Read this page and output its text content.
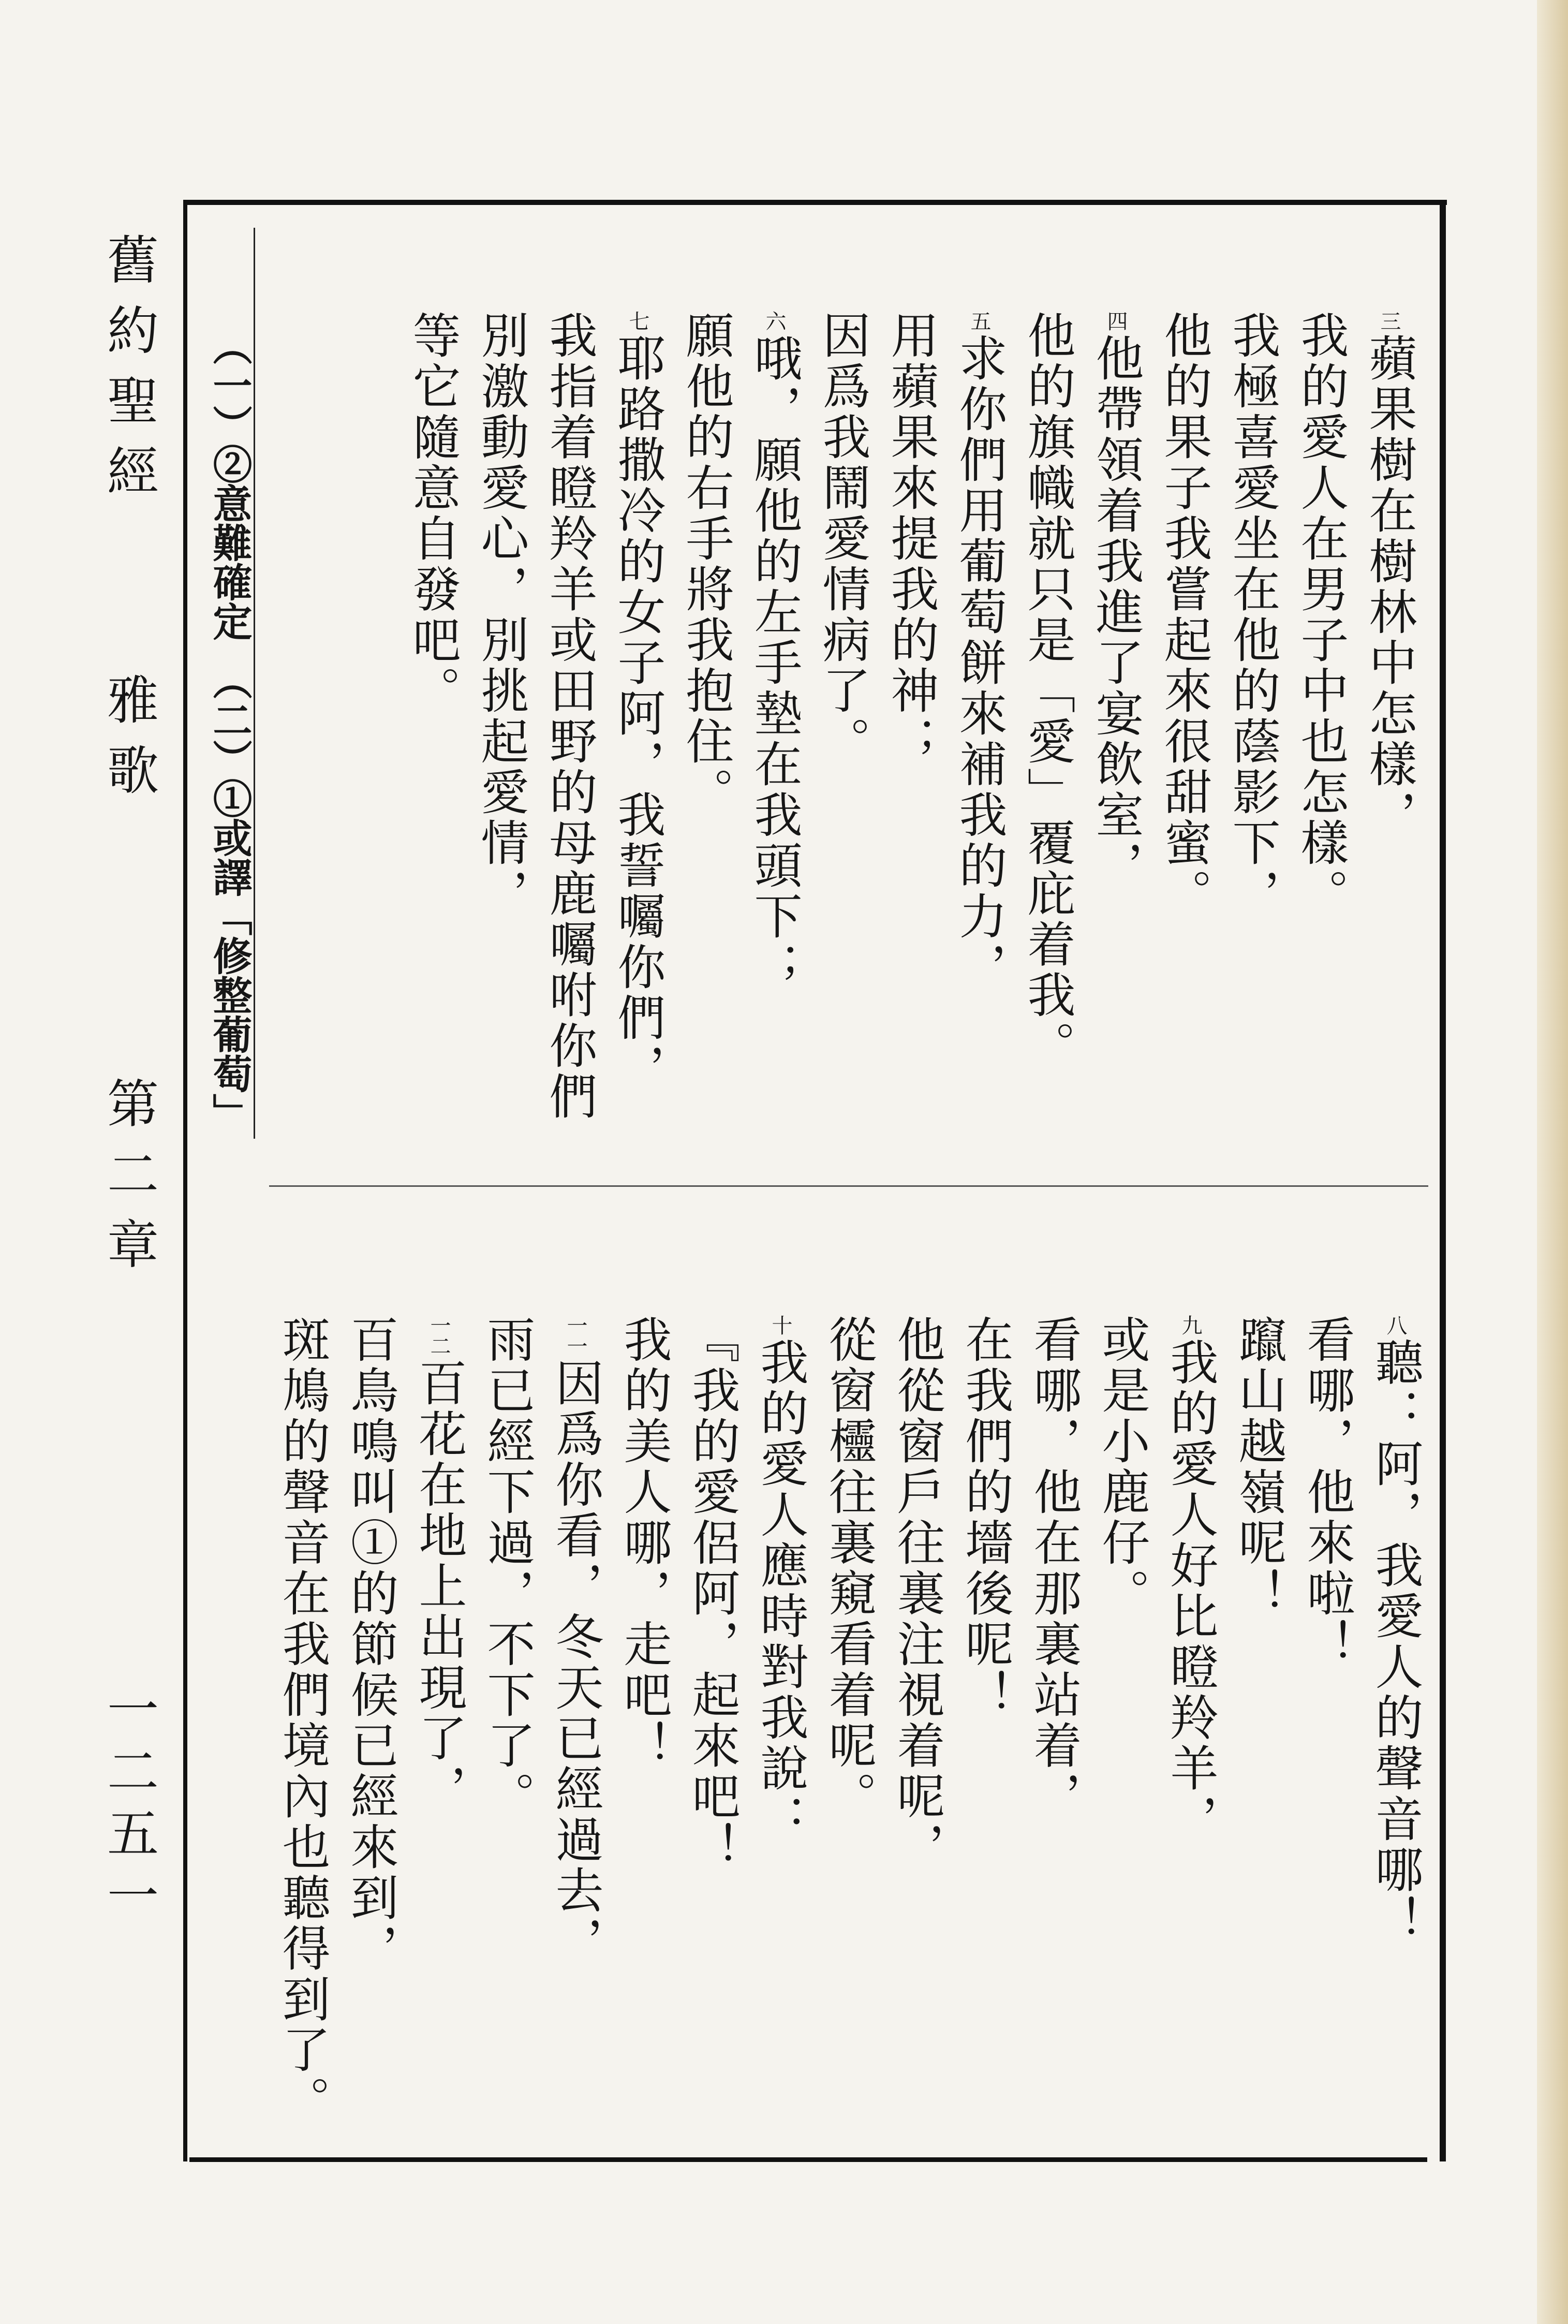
舊約聖經
雅歌
第二章
一二五一
（一）②意難確定　（二）①或譯「修整葡萄」
三蘋果樹在樹林中怎樣，
我的愛人在男子中也怎樣。
我極喜愛坐在他的蔭影下，
他的果子我嘗起來很甜蜜。
四他帶領着我進了宴飲室，
他的旗幟就只是「愛」覆庇着我。
五求你們用葡萄餅來補我的力，
用蘋果來提我的神；
因爲我鬧愛情病了。
六哦，願他的左手墊在我頭下；
願他的右手將我抱住。
七耶路撒冷的女子阿，我誓囑你們，
我指着瞪羚羊或田野的母鹿囑咐你們
別激動愛心，別挑起愛情，
等它隨意自發吧。
八聽：阿，我愛人的聲音哪！
看哪，他來啦！
躥山越嶺呢！
九我的愛人好比瞪羚羊，
或是小鹿仔。
看哪，他在那裏站着，
在我們的墻後呢！
他從窗戶往裏注視着呢，
從窗欞往裏窺看着呢。
十我的愛人應時對我說：
『我的愛侶阿，起來吧！
我的美人哪，走吧！
一一因爲你看，冬天已經過去，
雨已經下過，不下了。
一二百花在地上出現了，
百鳥鳴叫①的節候已經來到，
斑鳩的聲音在我們境內也聽得到了。
